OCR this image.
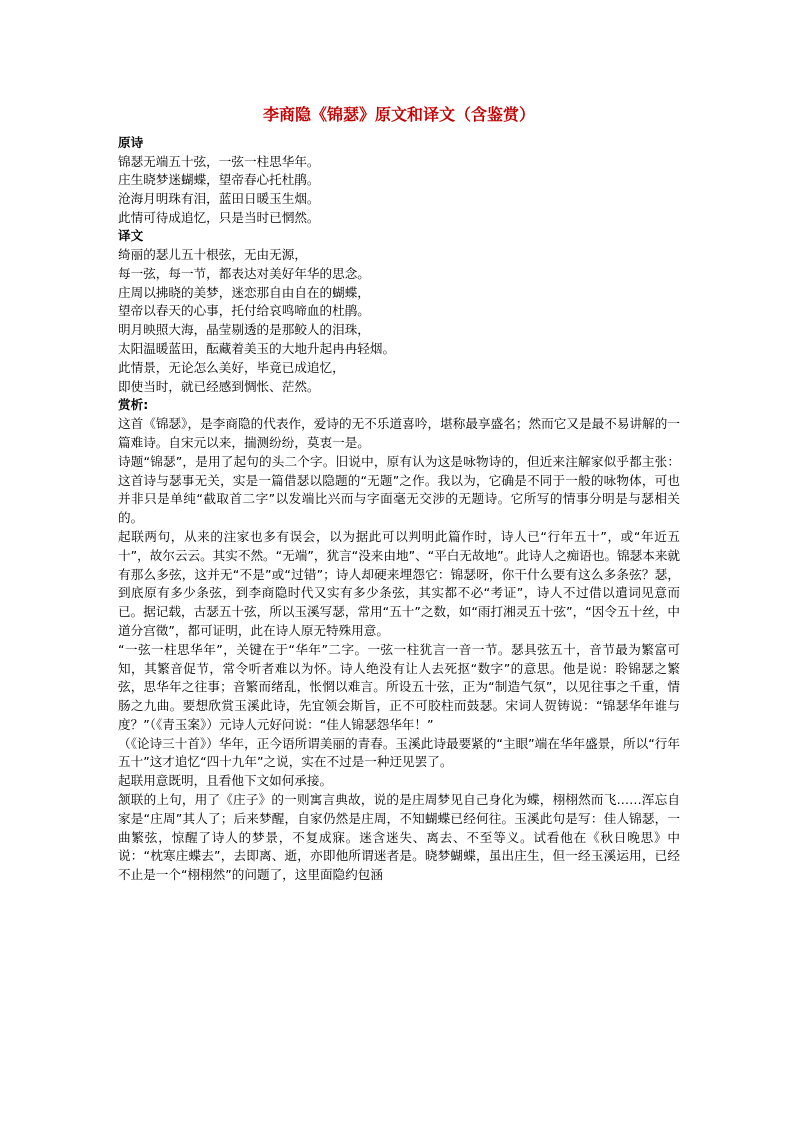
李商隐《锦瑟》原文和译文（含鉴赏）
原诗
锦瑟无端五十弦，一弦一柱思华年。
庄生晓梦迷蝴蝶，望帝春心托杜鹃。
沧海月明珠有泪，蓝田日暖玉生烟。
此情可待成追忆，只是当时已惘然。
译文
绮丽的瑟儿五十根弦，无由无源，
每一弦，每一节，都表达对美好年华的思念。
庄周以拂晓的美梦，迷恋那自由自在的蝴蝶，
望帝以春天的心事，托付给哀鸣啼血的杜鹃。
明月映照大海，晶莹剔透的是那鲛人的泪珠，
太阳温暖蓝田，酝藏着美玉的大地升起冉冉轻烟。
此情景，无论怎么美好，毕竟已成追忆，
即使当时，就已经感到惆怅、茫然。
赏析:

这首《锦瑟》，是李商隐的代表作，爱诗的无不乐道喜吟，堪称最享盛名；然而它又是最不易讲解的一篇难诗。自宋元以来，揣测纷纷，莫衷一是。

诗题“锦瑟”，是用了起句的头二个字。旧说中，原有认为这是咏物诗的，但近来注解家似乎都主张：这首诗与瑟事无关，实是一篇借瑟以隐题的“无题”之作。我以为，它确是不同于一般的咏物体，可也并非只是单纯“截取首二字”以发端比兴而与字面毫无交涉的无题诗。它所写的情事分明是与瑟相关的。

起联两句，从来的注家也多有误会，以为据此可以判明此篇作时，诗人已“行年五十”，或“年近五十”，故尔云云。其实不然。“无端”，犹言“没来由地”、“平白无故地”。此诗人之痴语也。锦瑟本来就有那么多弦，这并无“不是”或“过错”；诗人却硬来埋怨它：锦瑟呀，你干什么要有这么多条弦？瑟，到底原有多少条弦，到李商隐时代又实有多少条弦，其实都不必“考证”，诗人不过借以遣词见意而已。据记载，古瑟五十弦，所以玉溪写瑟，常用“五十”之数，如“雨打湘灵五十弦”，“因令五十丝，中道分宫徵”，都可证明，此在诗人原无特殊用意。

“一弦一柱思华年”，关键在于“华年”二字。一弦一柱犹言一音一节。瑟具弦五十，音节最为繁富可知，其繁音促节，常令听者难以为怀。诗人绝没有让人去死抠“数字”的意思。他是说：聆锦瑟之繁弦，思华年之往事；音繁而绪乱，怅惘以难言。所设五十弦，正为“制造气氛”，以见往事之千重，情肠之九曲。要想欣赏玉溪此诗，先宜领会斯旨，正不可胶柱而鼓瑟。宋词人贺铸说：“锦瑟华年谁与度？”（《青玉案》）元诗人元好问说：“佳人锦瑟怨华年！”

（《论诗三十首》）华年，正今语所谓美丽的青春。玉溪此诗最要紧的“主眼”端在华年盛景，所以“行年五十”这才追忆“四十九年”之说，实在不过是一种迂见罢了。

起联用意既明，且看他下文如何承接。

颔联的上句，用了《庄子》的一则寓言典故，说的是庄周梦见自己身化为蝶，栩栩然而飞……浑忘自家是“庄周”其人了；后来梦醒，自家仍然是庄周，不知蝴蝶已经何往。玉溪此句是写：佳人锦瑟，一曲繁弦，惊醒了诗人的梦景，不复成寐。迷含迷失、离去、不至等义。试看他在《秋日晚思》中说：“枕寒庄蝶去”，去即离、逝，亦即他所谓迷者是。晓梦蝴蝶，虽出庄生，但一经玉溪运用，已经不止是一个“栩栩然”的问题了，这里面隐约包涵
